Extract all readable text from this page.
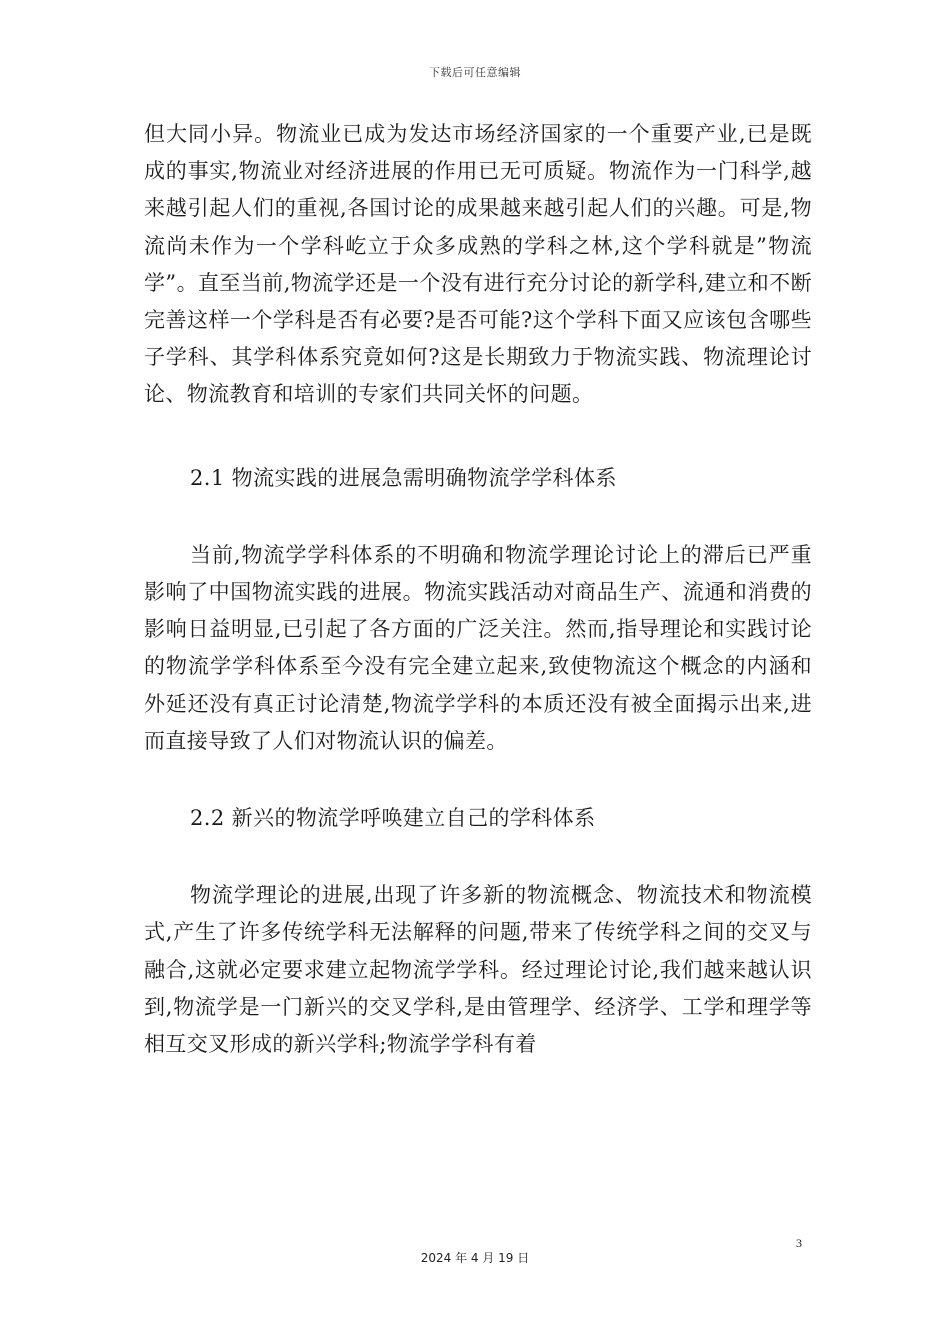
下载后可任意编辑

但大同小异。物流业已成为发达市场经济国家的一个重要产业,已是既成的事实,物流业对经济进展的作用已无可质疑。物流作为一门科学,越来越引起人们的重视,各国讨论的成果越来越引起人们的兴趣。可是,物流尚未作为一个学科屹立于众多成熟的学科之林,这个学科就是”物流学”。直至当前,物流学还是一个没有进行充分讨论的新学科,建立和不断完善这样一个学科是否有必要?是否可能?这个学科下面又应该包含哪些子学科、其学科体系究竟如何?这是长期致力于物流实践、物流理论讨论、物流教育和培训的专家们共同关怀的问题。

2.1 物流实践的进展急需明确物流学学科体系

当前,物流学学科体系的不明确和物流学理论讨论上的滞后已严重影响了中国物流实践的进展。物流实践活动对商品生产、流通和消费的影响日益明显,已引起了各方面的广泛关注。然而,指导理论和实践讨论的物流学学科体系至今没有完全建立起来,致使物流这个概念的内涵和外延还没有真正讨论清楚,物流学学科的本质还没有被全面揭示出来,进而直接导致了人们对物流认识的偏差。

2.2 新兴的物流学呼唤建立自己的学科体系

物流学理论的进展,出现了许多新的物流概念、物流技术和物流模式,产生了许多传统学科无法解释的问题,带来了传统学科之间的交叉与融合,这就必定要求建立起物流学学科。经过理论讨论,我们越来越认识到,物流学是一门新兴的交叉学科,是由管理学、经济学、工学和理学等相互交叉形成的新兴学科;物流学学科有着

3
2024 年 4 月 19 日
